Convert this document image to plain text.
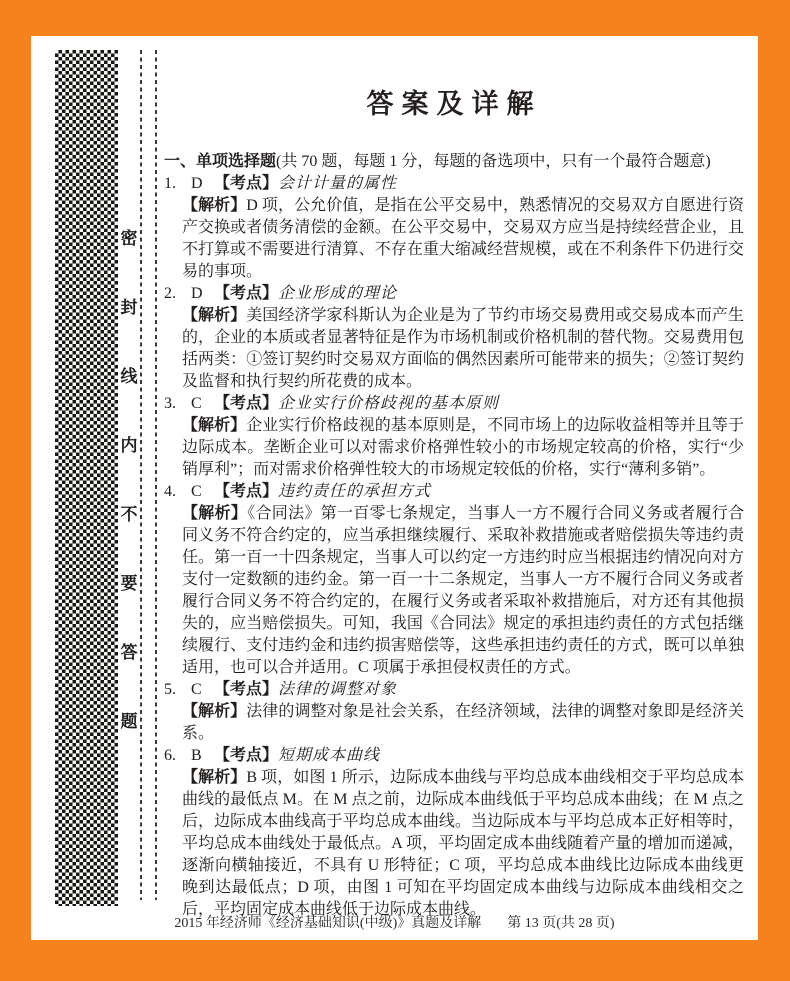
密
封
线
内
不
要
答
题
答案及详解
一、单项选择题(共 70 题，每题 1 分，每题的备选项中，只有一个最符合题意)
1. D 【考点】会计计量的属性
【解析】D 项，公允价值，是指在公平交易中，熟悉情况的交易双方自愿进行资产交换或者债务清偿的金额。在公平交易中，交易双方应当是持续经营企业，且不打算或不需要进行清算、不存在重大缩减经营规模，或在不利条件下仍进行交易的事项。
2. D 【考点】企业形成的理论
【解析】美国经济学家科斯认为企业是为了节约市场交易费用或交易成本而产生的，企业的本质或者显著特征是作为市场机制或价格机制的替代物。交易费用包括两类：①签订契约时交易双方面临的偶然因素所可能带来的损失；②签订契约及监督和执行契约所花费的成本。
3. C 【考点】企业实行价格歧视的基本原则
【解析】企业实行价格歧视的基本原则是，不同市场上的边际收益相等并且等于边际成本。垄断企业可以对需求价格弹性较小的市场规定较高的价格，实行“少销厚利”；而对需求价格弹性较大的市场规定较低的价格，实行“薄利多销”。
4. C 【考点】违约责任的承担方式
【解析】《合同法》第一百零七条规定，当事人一方不履行合同义务或者履行合同义务不符合约定的，应当承担继续履行、采取补救措施或者赔偿损失等违约责任。第一百一十四条规定，当事人可以约定一方违约时应当根据违约情况向对方支付一定数额的违约金。第一百一十二条规定，当事人一方不履行合同义务或者履行合同义务不符合约定的，在履行义务或者采取补救措施后，对方还有其他损失的，应当赔偿损失。可知，我国《合同法》规定的承担违约责任的方式包括继续履行、支付违约金和违约损害赔偿等，这些承担违约责任的方式，既可以单独适用，也可以合并适用。C 项属于承担侵权责任的方式。
5. C 【考点】法律的调整对象
【解析】法律的调整对象是社会关系，在经济领域，法律的调整对象即是经济关系。
6. B 【考点】短期成本曲线
【解析】B 项，如图 1 所示，边际成本曲线与平均总成本曲线相交于平均总成本曲线的最低点 M。在 M 点之前，边际成本曲线低于平均总成本曲线；在 M 点之后，边际成本曲线高于平均总成本曲线。当边际成本与平均总成本正好相等时，平均总成本曲线处于最低点。A 项，平均固定成本曲线随着产量的增加而递减，逐渐向横轴接近，不具有 U 形特征；C 项，平均总成本曲线比边际成本曲线更晚到达最低点；D 项，由图 1 可知在平均固定成本曲线与边际成本曲线相交之后，平均固定成本曲线低于边际成本曲线。
2015 年经济师《经济基础知识(中级)》真题及详解 第 13 页(共 28 页)
